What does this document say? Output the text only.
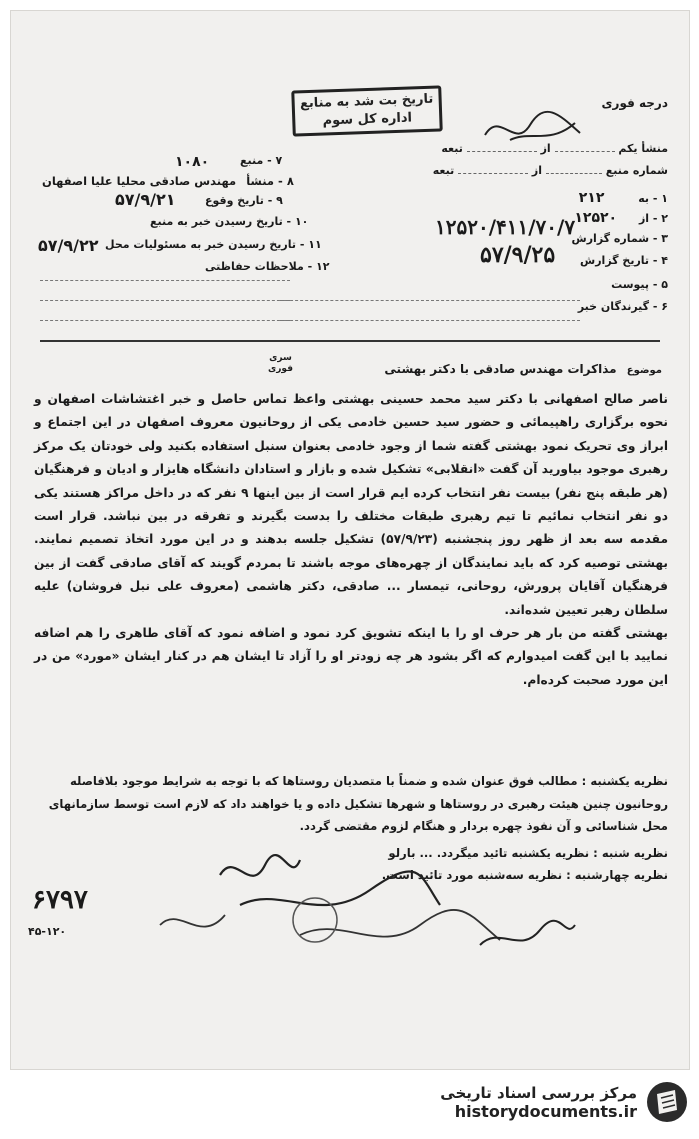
درجه فوری
تاریخ بت شد به منابع
اداره کل سوم
منشأ یکم  از  تبعه
شماره منبع  از  تبعه
۱ - به ۲۱۲
۲ - از ۱۲۵۲۰
۳ - شماره گزارش
۴ - تاریخ گزارش
۵۷/۹/۲۵
۱۲۵۲۰/۴۱۱/۷۰/۷
۵ - پیوست
۶ - گیرندگان خبر
۷ - منبع
۱۰۸۰
۸ - منشأ مهندس صادقی محلیا علیا اصفهان
۹ - تاریخ وقوع
۵۷/۹/۲۱
۱۰ - تاریخ رسیدن خبر به منبع
۱۱ - تاریخ رسیدن خبر به مسئولیات محل
۵۷/۹/۲۲
۱۲ - ملاحظات حفاظتی
سری
فوری	موضوع مذاکرات مهندس صادقی با دکتر بهشتی

ناصر صالح اصفهانی با دکتر سید محمد حسینی بهشتی واعظ تماس حاصل و خبر اغتشاشات اصفهان و نحوه برگزاری راهپیمائی و حضور سید حسین خادمی یکی از روحانیون معروف اصفهان در این اجتماع و ابراز وی تحریک نمود بهشتی گفته شما از وجود خادمی بعنوان سنبل استفاده بکنید ولی خودتان یک مرکز رهبری موجود بیاورید آن گفت «انقلابی» تشکیل شده و بازار و استادان دانشگاه هایزار و ادیان و فرهنگیان (هر طبقه پنج نفر) بیست نفر انتخاب کرده ایم قرار است از بین اینها ۹ نفر که در داخل مراکز هستند یکی دو نفر انتخاب نمائیم تا تیم رهبری طبقات مختلف را بدست بگیرند و تفرقه در بین نباشد. قرار است مقدمه سه بعد از ظهر روز پنجشنبه (۵۷/۹/۲۳) تشکیل جلسه بدهند و در این مورد اتخاذ تصمیم نمایند. بهشتی توصیه کرد که باید نمایندگان از چهره‌های موجه باشند تا بمردم گویند که آقای صادقی گفت از بین فرهنگیان آقایان پرورش، روحانی، تیمسار ... صادقی، دکتر هاشمی (معروف علی نبل فروشان) علیه سلطان رهبر تعیین شده‌اند.

بهشتی گفته من بار هر حرف او را با اینکه تشویق کرد نمود و اضافه نمود که آقای طاهری را هم اضافه نمایید با این گفت امیدوارم که اگر بشود هر چه زودتر او را آزاد تا ایشان هم در کنار ایشان «مورد» من در این مورد صحبت کرده‌ام.

نظریه یکشنبه : مطالب فوق عنوان شده و ضمناً با متصدیان روستاها که با توجه به شرایط موجود بلافاصله روحانیون چنین هیئت رهبری در روستاها و شهرها تشکیل داده و یا خواهند داد که لازم است توسط سازمانهای محل شناسائی و آن نفوذ چهره بردار و هنگام لزوم مقتضی گردد.

نظریه شنبه : نظریه یکشنبه تائید میگردد. ... بارلو

نظریه چهارشنبه : نظریه سه‌شنبه مورد تائید است.

۶۷۹۷
۴۵-۱۲۰
مرکز بررسی اسناد تاریخی
historydocuments.ir
